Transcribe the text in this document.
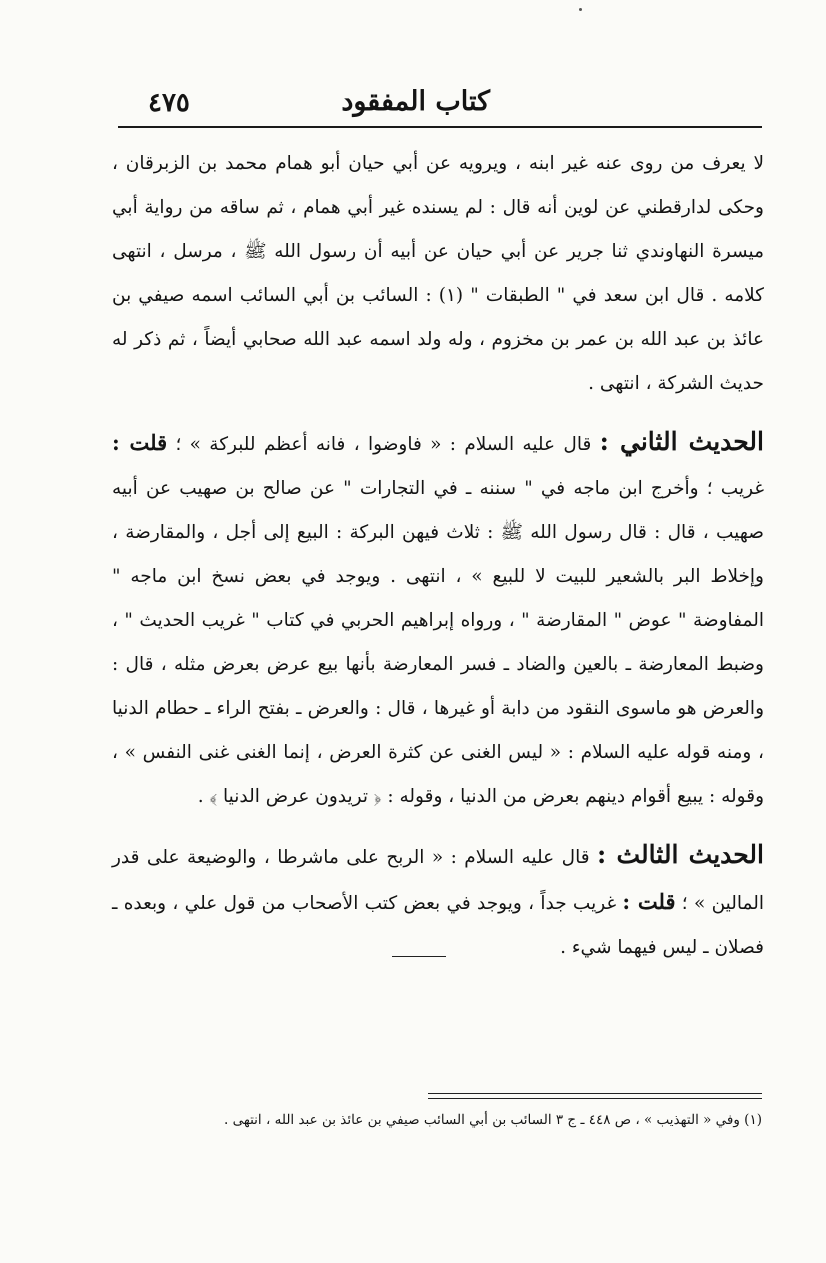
٤٧٥	كتاب المفقود

لا يعرف من روى عنه غير ابنه ، ويرويه عن أبي حيان أبو همام محمد بن الزبرقان ، وحكى لدارقطني عن لوين أنه قال : لم يسنده غير أبي همام ، ثم ساقه من رواية أبي ميسرة النهاوندي ثنا جرير عن أبي حيان عن أبيه أن رسول الله ﷺ ، مرسل ، انتهى كلامه . قال ابن سعد في " الطبقات " (١) : السائب بن أبي السائب اسمه صيفي بن عائذ بن عبد الله بن عمر بن مخزوم ، وله ولد اسمه عبد الله صحابي أيضاً ، ثم ذكر له حديث الشركة ، انتهى .

الحديث الثاني : قال عليه السلام : « فاوضوا ، فانه أعظم للبركة » ؛ قلت : غريب ؛ وأخرج ابن ماجه في " سننه ـ في التجارات " عن صالح بن صهيب عن أبيه صهيب ، قال : قال رسول الله ﷺ : ثلاث فيهن البركة : البيع إلى أجل ، والمقارضة ، وإخلاط البر بالشعير للبيت لا للبيع » ، انتهى . ويوجد في بعض نسخ ابن ماجه " المفاوضة " عوض " المقارضة " ، ورواه إبراهيم الحربي في كتاب " غريب الحديث " ، وضبط المعارضة ـ بالعين والضاد ـ فسر المعارضة بأنها بيع عرض بعرض مثله ، قال : والعرض هو ماسوى النقود من دابة أو غيرها ، قال : والعرض ـ بفتح الراء ـ حطام الدنيا ، ومنه قوله عليه السلام : « ليس الغنى عن كثرة العرض ، إنما الغنى غنى النفس » ، وقوله : يبيع أقوام دينهم بعرض من الدنيا ، وقوله : ﴿ تريدون عرض الدنيا ﴾ .

الحديث الثالث : قال عليه السلام : « الربح على ماشرطا ، والوضيعة على قدر المالين » ؛ قلت : غريب جداً ، ويوجد في بعض كتب الأصحاب من قول علي ، وبعده ـ فصلان ـ ليس فيهما شيء .

(١) وفي « التهذيب » ، ص ٤٤٨ ـ ج ٣ السائب بن أبي السائب صيفي بن عائذ بن عبد الله ، انتهى .
